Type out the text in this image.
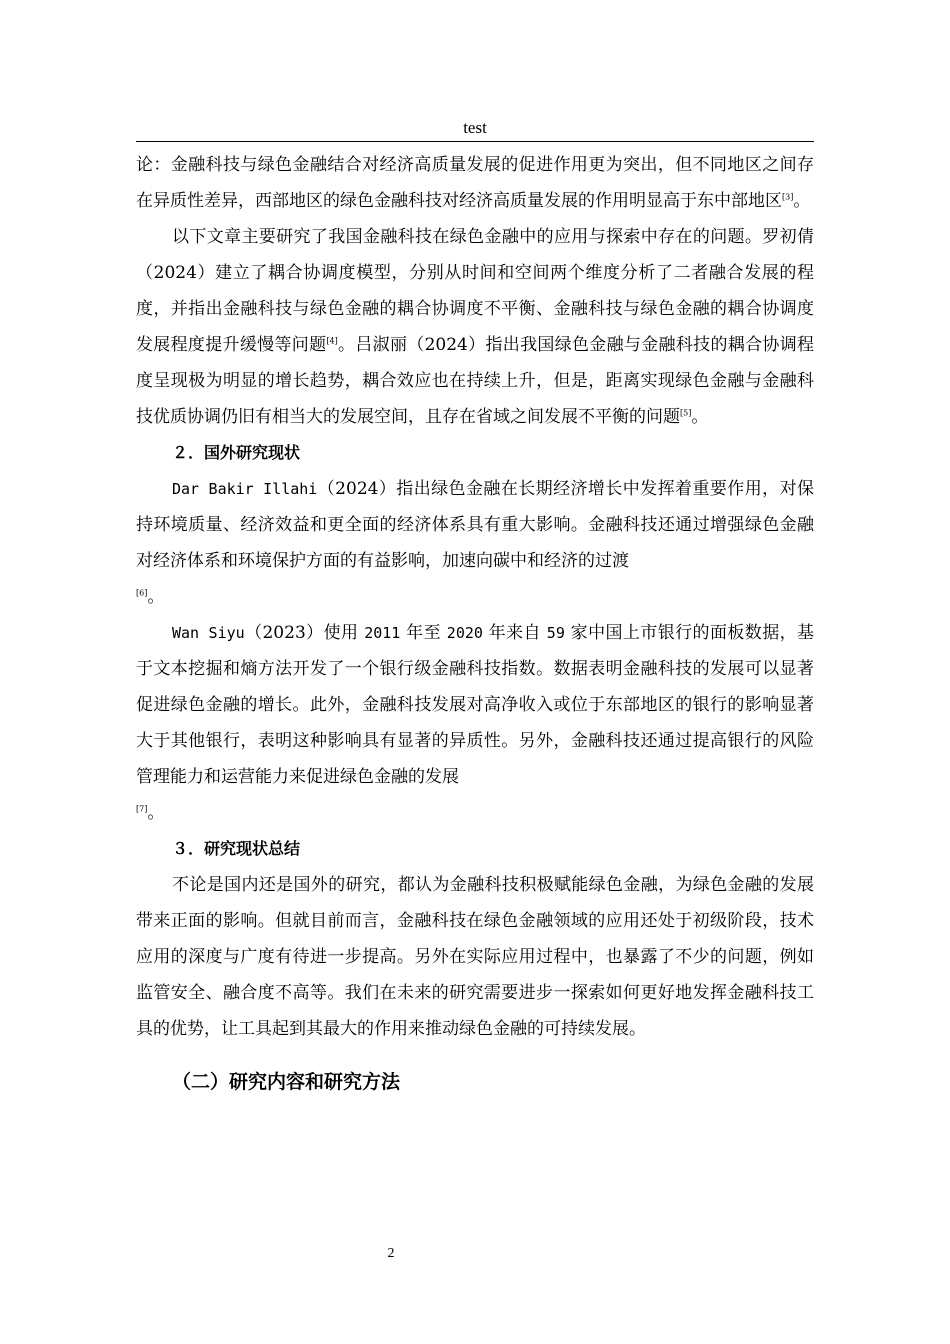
test

论：金融科技与绿色金融结合对经济高质量发展的促进作用更为突出，但不同地区之间存在异质性差异，西部地区的绿色金融科技对经济高质量发展的作用明显高于东中部地区[3]。

以下文章主要研究了我国金融科技在绿色金融中的应用与探索中存在的问题。罗初倩（2024）建立了耦合协调度模型，分别从时间和空间两个维度分析了二者融合发展的程度，并指出金融科技与绿色金融的耦合协调度不平衡、金融科技与绿色金融的耦合协调度发展程度提升缓慢等问题[4]。吕淑丽（2024）指出我国绿色金融与金融科技的耦合协调程度呈现极为明显的增长趋势，耦合效应也在持续上升，但是，距离实现绿色金融与金融科技优质协调仍旧有相当大的发展空间，且存在省域之间发展不平衡的问题[5]。

２．国外研究现状

Dar Bakir Illahi（2024）指出绿色金融在长期经济增长中发挥着重要作用，对保持环境质量、经济效益和更全面的经济体系具有重大影响。金融科技还通过增强绿色金融对经济体系和环境保护方面的有益影响，加速向碳中和经济的过渡
[6]。

Wan Siyu（2023）使用 2011 年至 2020 年来自 59 家中国上市银行的面板数据，基于文本挖掘和熵方法开发了一个银行级金融科技指数。数据表明金融科技的发展可以显著促进绿色金融的增长。此外，金融科技发展对高净收入或位于东部地区的银行的影响显著大于其他银行，表明这种影响具有显著的异质性。另外，金融科技还通过提高银行的风险管理能力和运营能力来促进绿色金融的发展
[7]。

３．研究现状总结

不论是国内还是国外的研究，都认为金融科技积极赋能绿色金融，为绿色金融的发展带来正面的影响。但就目前而言，金融科技在绿色金融领域的应用还处于初级阶段，技术应用的深度与广度有待进一步提高。另外在实际应用过程中，也暴露了不少的问题，例如监管安全、融合度不高等。我们在未来的研究需要进步一探索如何更好地发挥金融科技工具的优势，让工具起到其最大的作用来推动绿色金融的可持续发展。

（二）研究内容和研究方法
2
